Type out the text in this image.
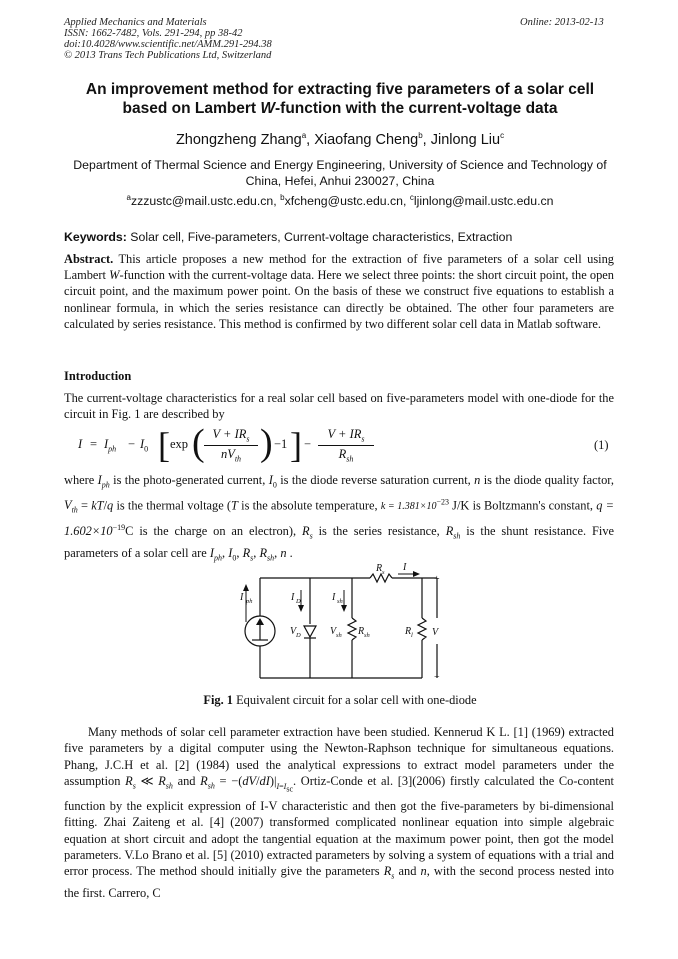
Applied Mechanics and Materials	Online: 2013-02-13
ISSN: 1662-7482, Vols. 291-294, pp 38-42
doi:10.4028/www.scientific.net/AMM.291-294.38
© 2013 Trans Tech Publications Ltd, Switzerland
An improvement method for extracting five parameters of a solar cell
based on Lambert W-function with the current-voltage data
Zhongzheng Zhang$^a$, Xiaofang Cheng$^b$, Jinlong Liu$^c$
Department of Thermal Science and Energy Engineering, University of Science and Technology of
China, Hefei, Anhui 230027, China
$^a$zzzustc@mail.ustc.edu.cn, $^b$xfcheng@ustc.edu.cn, $^c$ljinlong@mail.ustc.edu.cn
Keywords: Solar cell, Five-parameters, Current-voltage characteristics, Extraction
Abstract. This article proposes a new method for the extraction of five parameters of a solar cell using Lambert W-function with the current-voltage data. Here we select three points: the short circuit point, the open circuit point, and the maximum power point. On the basis of these we construct five equations to establish a nonlinear formula, in which the series resistance can directly be obtained. The other four parameters are calculated by series resistance. This method is confirmed by two different solar cell data in Matlab software.
Introduction
The current-voltage characteristics for a real solar cell based on five-parameters model with one-diode for the circuit in Fig. 1 are described by
$I = I_{ph} - I_0$ [ exp ( $V + IR_s$
$nV_{th}$ ) −1 ] −
$V + IR_s$
$R_{sh}$
(1)
where $I_{ph}$ is the photo-generated current, $I_0$ is the diode reverse saturation current, n is the diode quality factor, $V_{th} = kT/q$ is the thermal voltage (T is the absolute temperature, $k = 1.381\times 10^{-23}$ J/K is Boltzmann's constant, $q = 1.602\times 10^{-19}C$ is the charge on an electron), $R_s$ is the series resistance, $R_{sh}$ is the shunt resistance. Five parameters of a solar cell are $I_{ph}$, $I_0$, $R_s$, $R_{sh}$, n .
I ph	I D	I sh
R s I
V D	V sh R sh	R l V
+
−
Fig. 1 Equivalent circuit for a solar cell with one-diode
Many methods of solar cell parameter extraction have been studied. Kennerud K L. [1] (1969) extracted five parameters by a digital computer using the Newton-Raphson technique for simultaneous equations. Phang, J.C.H et al. [2] (1984) used the analytical expressions to extract model parameters under the assumption $R_s$ ≪ $R_{sh}$ and $R_{sh} = -(dV/dI)|_{I=I_{sc}}$. Ortiz-Conde et al. [3](2006) firstly calculated the Co-content function by the explicit expression of I-V characteristic and then got the five-parameters by bi-dimensional fitting. Zhai Zaiteng et al. [4] (2007) transformed complicated nonlinear equation into simple algebraic equation at short circuit and adopt the tangential equation at the maximum power point, then got the model parameters. V.Lo Brano et al. [5] (2010) extracted parameters by solving a system of equations with a trial and error process. The method should initially give the parameters $R_s$ and n, with the second process nested into the first. Carrero, C
